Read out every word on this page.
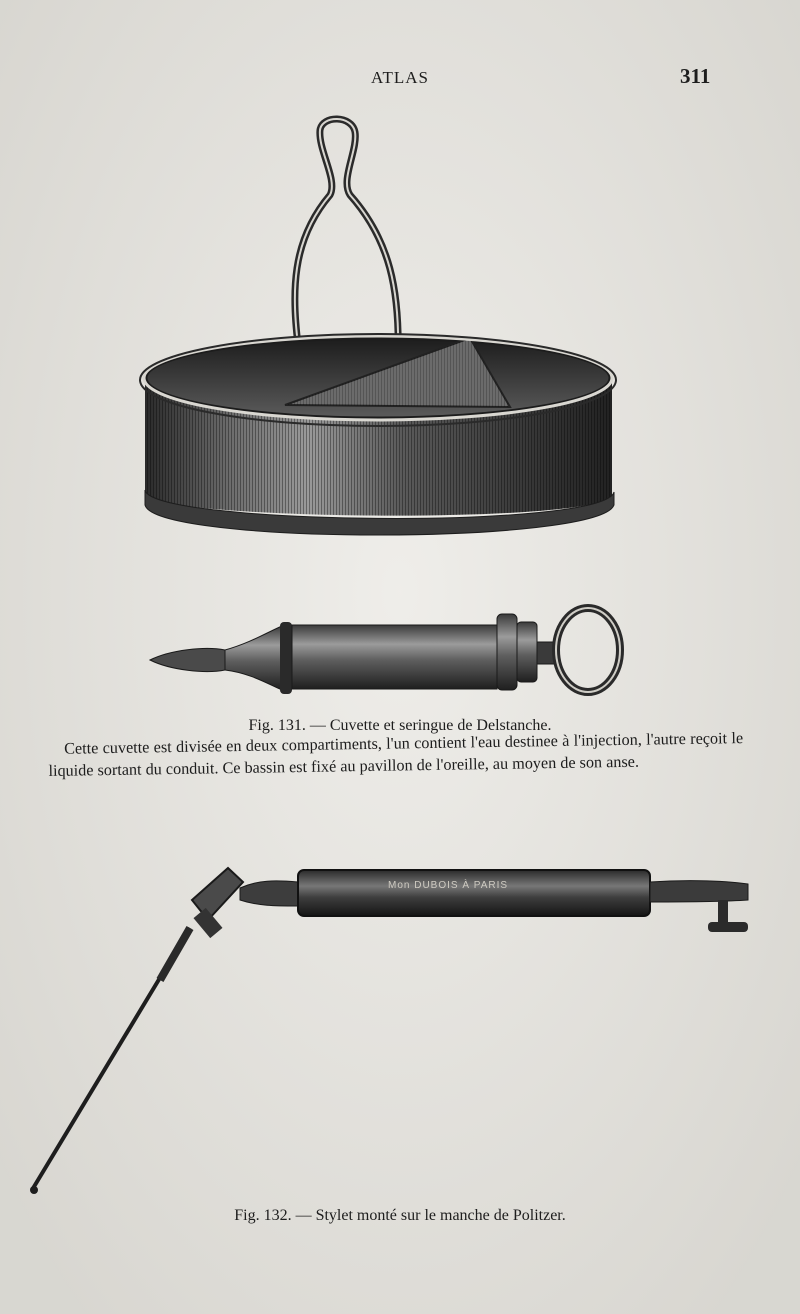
ATLAS	311
Fig. 131. — Cuvette et seringue de Delstanche.

Cette cuvette est divisée en deux compartiments, l'un contient l'eau destinee à l'injection, l'autre reçoit le liquide sortant du conduit. Ce bassin est fixé au pavillon de l'oreille, au moyen de son anse.

Mon DUBOIS À PARIS
Fig. 132. — Stylet monté sur le manche de Politzer.
